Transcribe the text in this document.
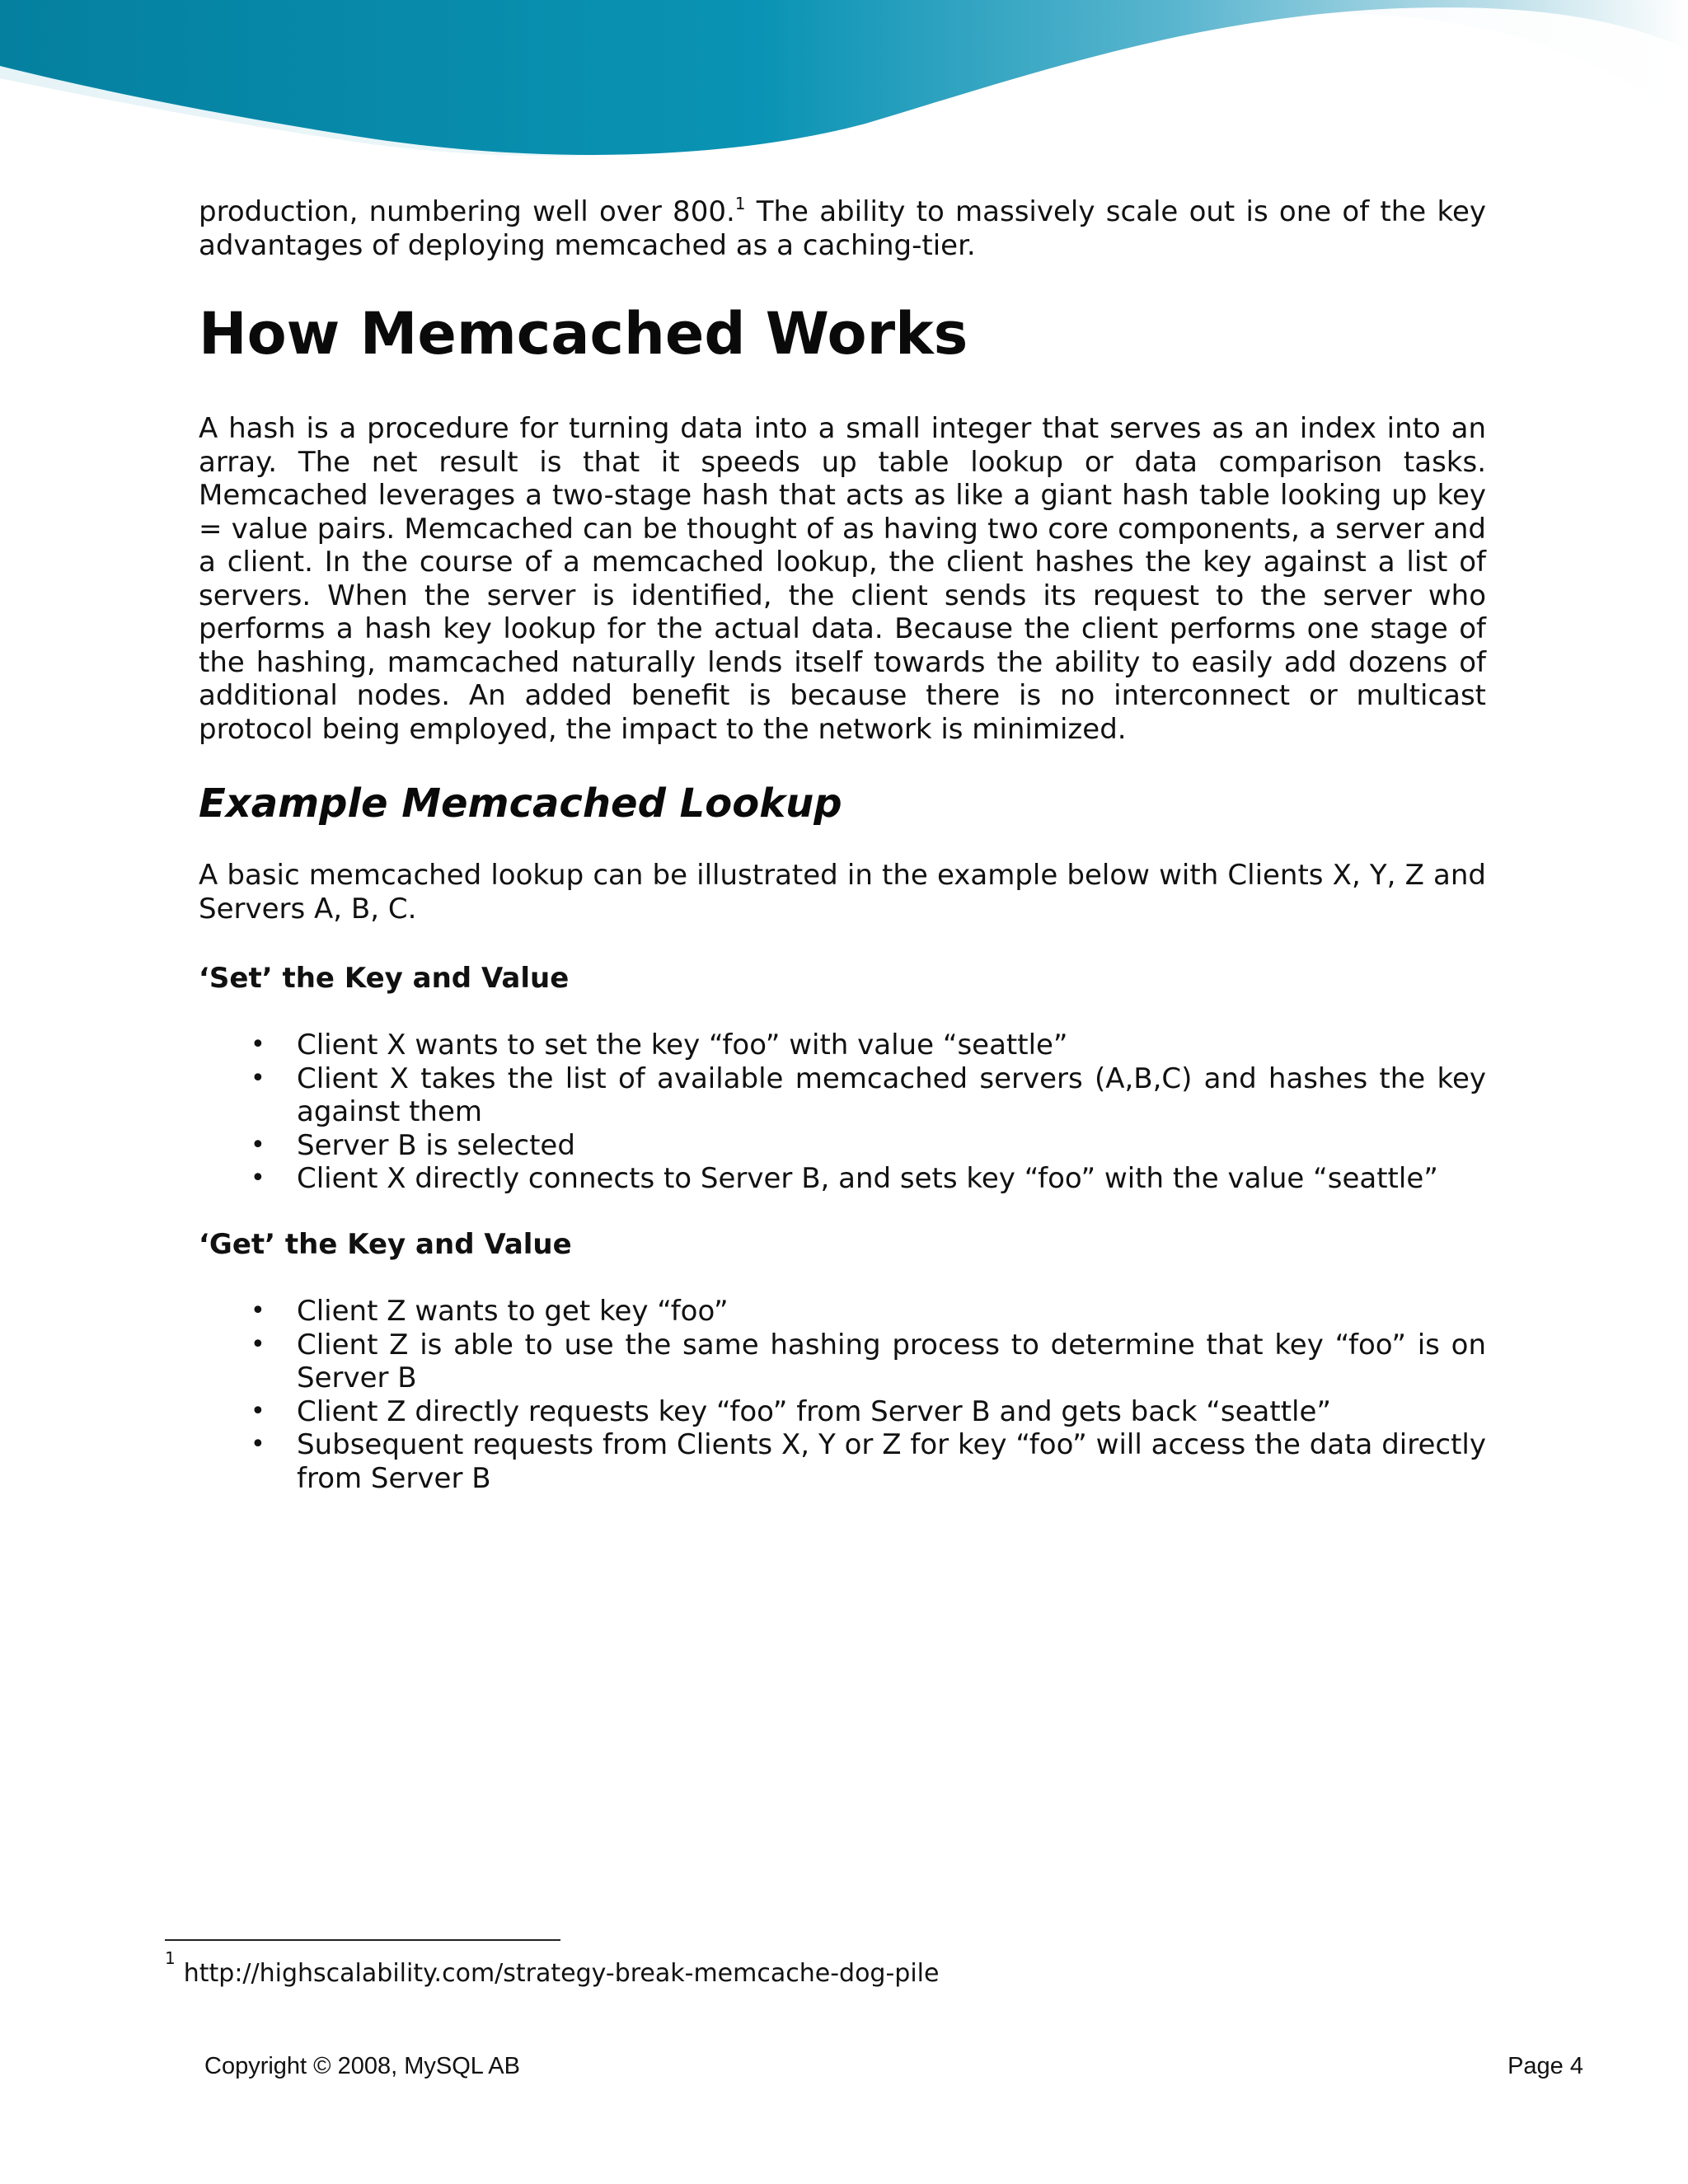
production, numbering well over 800.$^1$ The ability to massively scale out is one of the key advantages of deploying memcached as a caching-tier.

How Memcached Works

A hash is a procedure for turning data into a small integer that serves as an index into an array. The net result is that it speeds up table lookup or data comparison tasks. Memcached leverages a two-stage hash that acts as like a giant hash table looking up key = value pairs. Memcached can be thought of as having two core components, a server and a client. In the course of a memcached lookup, the client hashes the key against a list of servers. When the server is identified, the client sends its request to the server who performs a hash key lookup for the actual data. Because the client performs one stage of the hashing, mamcached naturally lends itself towards the ability to easily add dozens of additional nodes. An added benefit is because there is no interconnect or multicast protocol being employed, the impact to the network is minimized.

Example Memcached Lookup

A basic memcached lookup can be illustrated in the example below with Clients X, Y, Z and Servers A, B, C.

‘Set’ the Key and Value

• Client X wants to set the key “foo” with value “seattle”
• Client X takes the list of available memcached servers (A,B,C) and hashes the key against them
• Server B is selected
• Client X directly connects to Server B, and sets key “foo” with the value “seattle”

‘Get’ the Key and Value

• Client Z wants to get key “foo”
• Client Z is able to use the same hashing process to determine that key “foo” is on Server B
• Client Z directly requests key “foo” from Server B and gets back “seattle”
• Subsequent requests from Clients X, Y or Z for key “foo” will access the data directly from Server B
$^1$http://highscalability.com/strategy-break-memcache-dog-pile
Copyright © 2008, MySQL AB	Page 4
